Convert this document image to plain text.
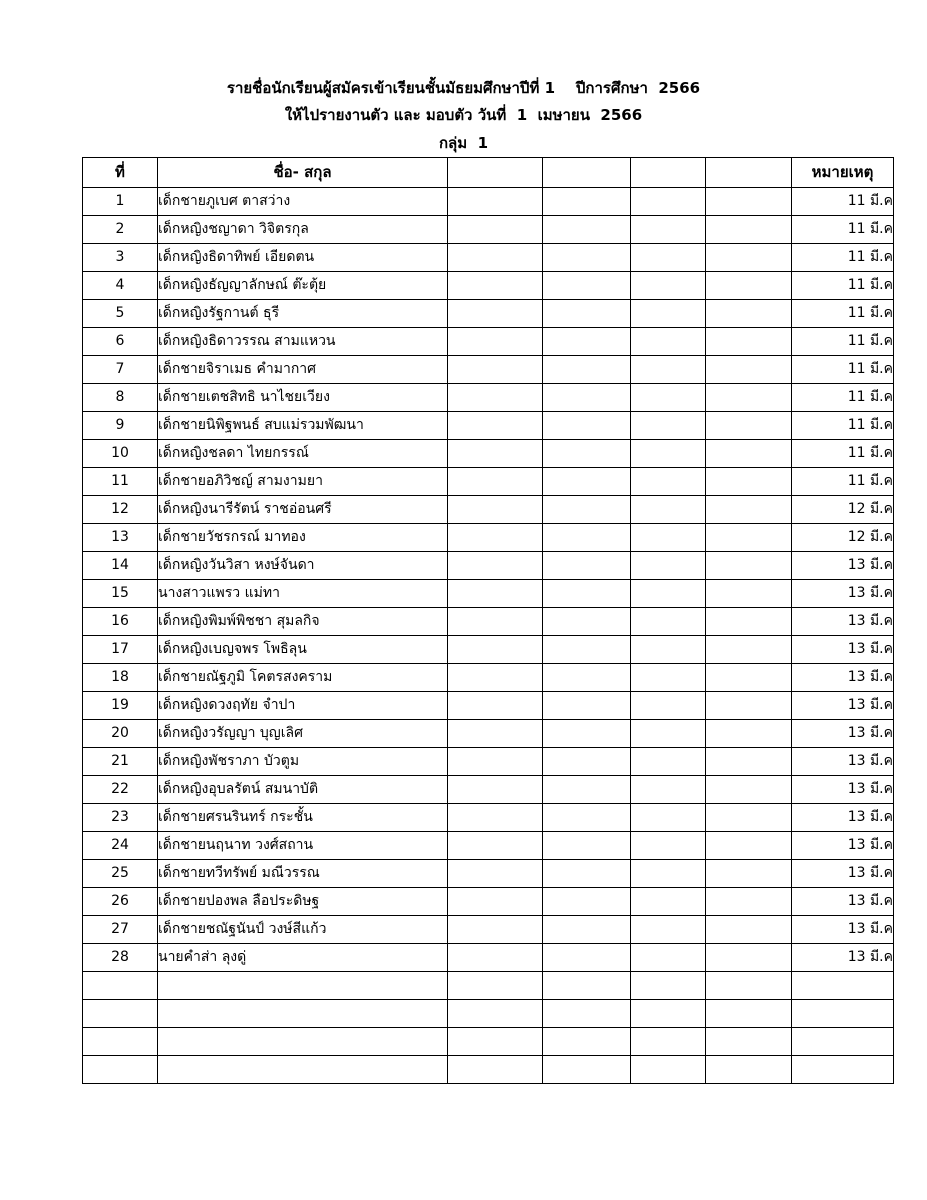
รายชื่อนักเรียนผู้สมัครเข้าเรียนชั้นมัธยมศึกษาปีที่ 1    ปีการศึกษา  2566
ให้ไปรายงานตัว และ มอบตัว วันที่  1  เมษายน  2566
กลุ่ม  1
ที่	ชื่อ- สกุล					หมายเหตุ
1	เด็กชายภูเบศ ตาสว่าง					11 มี.ค
2	เด็กหญิงชญาดา วิจิตรกุล					11 มี.ค
3	เด็กหญิงธิดาทิพย์ เอียดตน					11 มี.ค
4	เด็กหญิงธัญญาลักษณ์ ต๊ะตุ้ย					11 มี.ค
5	เด็กหญิงรัฐกานต์ ธุรี					11 มี.ค
6	เด็กหญิงธิดาวรรณ สามแหวน					11 มี.ค
7	เด็กชายจิราเมธ คำมากาศ					11 มี.ค
8	เด็กชายเตชสิทธิ นาไชยเวียง					11 มี.ค
9	เด็กชายนิพิฐพนธ์ สบแม่รวมพัฒนา					11 มี.ค
10	เด็กหญิงชลดา ไทยกรรณ์					11 มี.ค
11	เด็กชายอภิวิชญ์ สามงามยา					11 มี.ค
12	เด็กหญิงนารีรัตน์ ราชอ่อนศรี					12 มี.ค
13	เด็กชายวัชรกรณ์ มาทอง					12 มี.ค
14	เด็กหญิงวันวิสา หงษ์จันดา					13 มี.ค
15	นางสาวแพรว แม่ทา					13 มี.ค
16	เด็กหญิงพิมพ์พิชชา สุมลกิจ					13 มี.ค
17	เด็กหญิงเบญจพร โพธิลุน					13 มี.ค
18	เด็กชายณัฐภูมิ โคตรสงคราม					13 มี.ค
19	เด็กหญิงดวงฤทัย จำปา					13 มี.ค
20	เด็กหญิงวรัญญา บุญเลิศ					13 มี.ค
21	เด็กหญิงพัชราภา บัวตูม					13 มี.ค
22	เด็กหญิงอุบลรัตน์ สมนาบัติ					13 มี.ค
23	เด็กชายศรนรินทร์ กระชั้น					13 มี.ค
24	เด็กชายนฤนาท วงศ์สถาน					13 มี.ค
25	เด็กชายทวีทรัพย์ มณีวรรณ					13 มี.ค
26	เด็กชายปองพล ลือประดิษฐ					13 มี.ค
27	เด็กชายชณัฐนันป์ วงษ์สีแก้ว					13 มี.ค
28	นายคำส่า ลุงดู่					13 มี.ค
